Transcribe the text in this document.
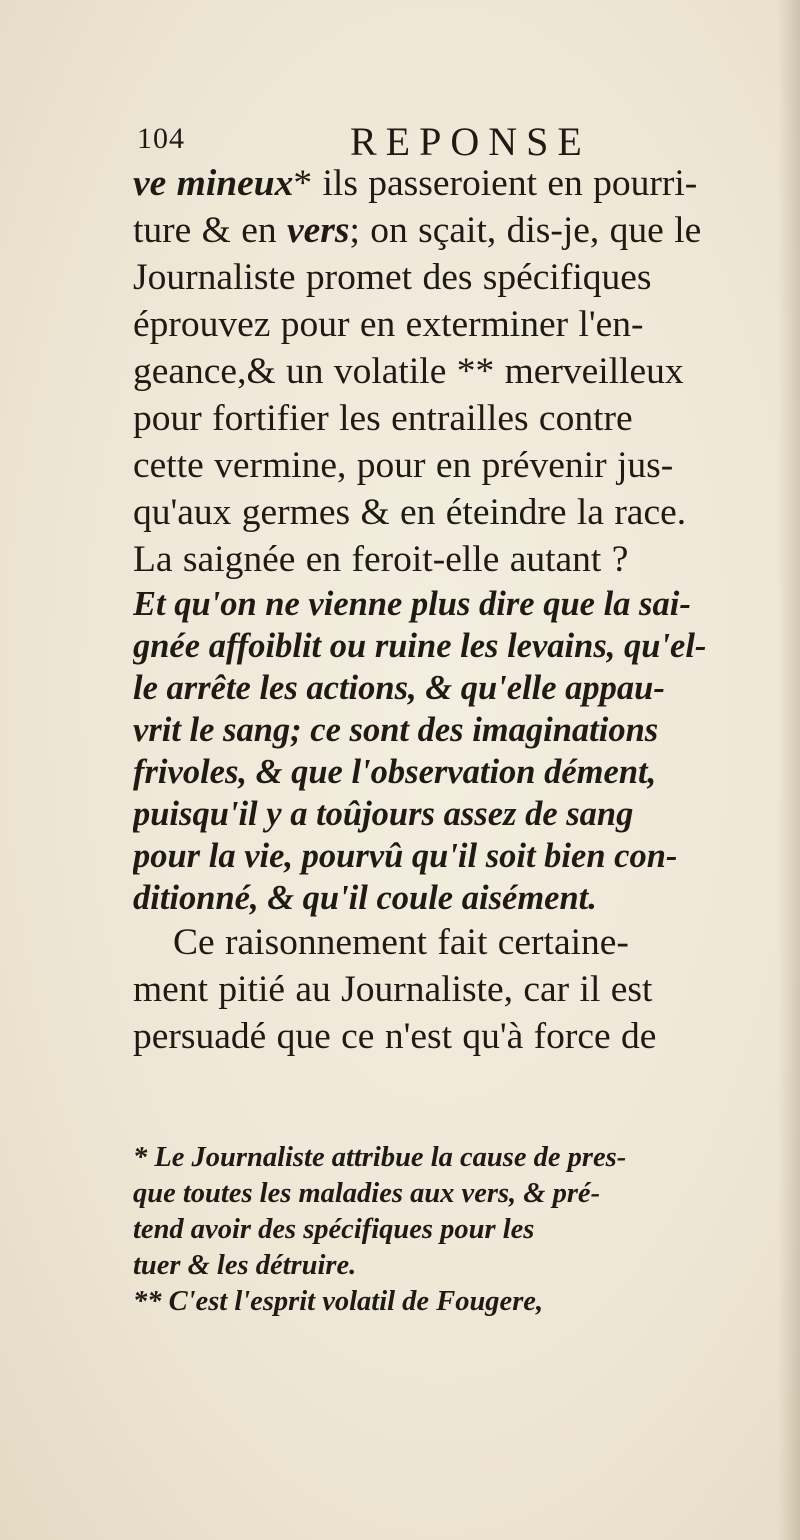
104	REPONSE
ve mineux* ils passeroient en pourri-
ture & en vers; on sçait, dis-je, que le
Journaliste promet des spécifiques
éprouvez pour en exterminer l'en-
geance,& un volatile ** merveilleux
pour fortifier les entrailles contre
cette vermine, pour en prévenir jus-
qu'aux germes & en éteindre la race.
La saignée en feroit-elle autant ?
Et qu'on ne vienne plus dire que la sai-
gnée affoiblit ou ruine les levains, qu'el-
le arrête les actions, & qu'elle appau-
vrit le sang; ce sont des imaginations
frivoles, & que l'observation dément,
puisqu'il y a toûjours assez de sang
pour la vie, pourvû qu'il soit bien con-
ditionné, & qu'il coule aisément.
Ce raisonnement fait certaine-
ment pitié au Journaliste, car il est
persuadé que ce n'est qu'à force de
* Le Journaliste attribue la cause de pres-
que toutes les maladies aux vers, & pré-
tend avoir des spécifiques pour les
tuer & les détruire.
** C'est l'esprit volatil de Fougere,
